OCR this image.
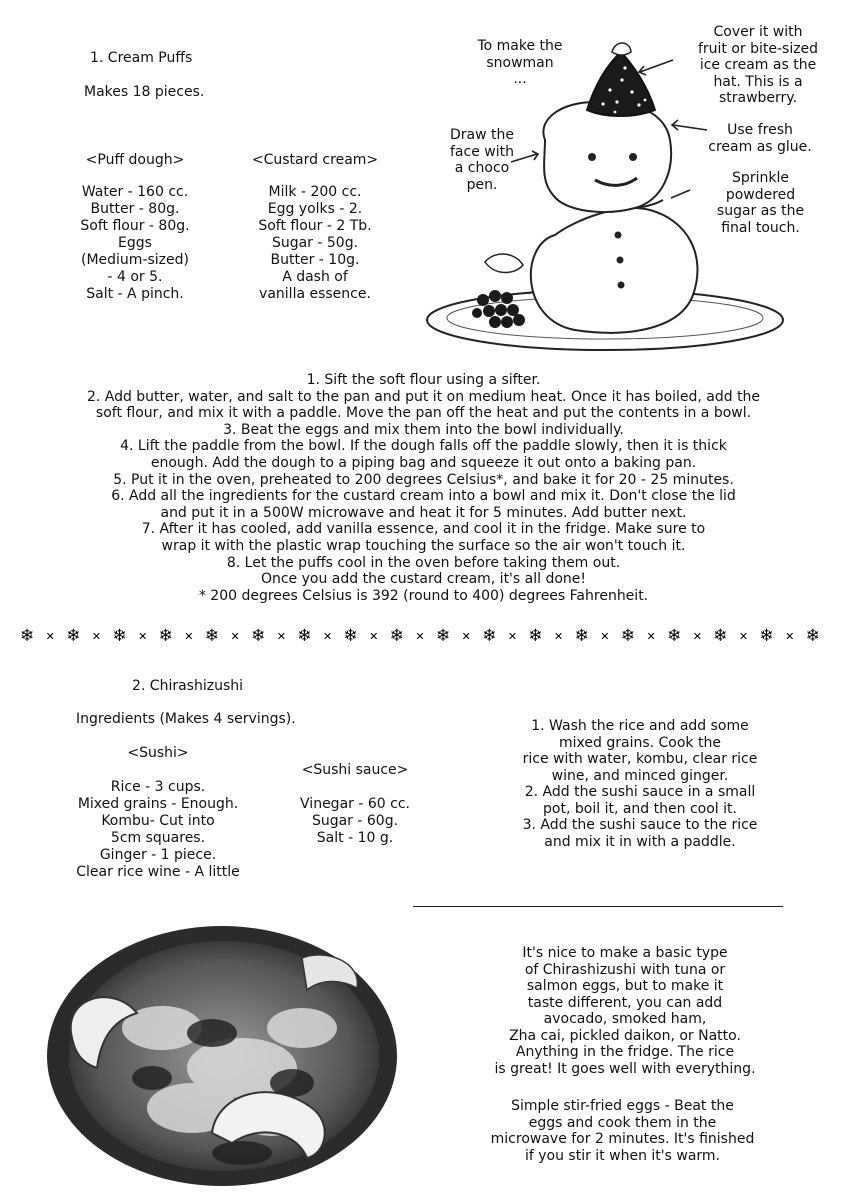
1. Cream Puffs
Makes 18 pieces.
<Puff dough>
Water - 160 cc.
Butter - 80g.
Soft flour - 80g.
Eggs
(Medium-sized)
- 4 or 5.
Salt - A pinch.
<Custard cream>
Milk - 200 cc.
Egg yolks - 2.
Soft flour - 2 Tb.
Sugar - 50g.
Butter - 10g.
A dash of
vanilla essence.
To make the
snowman
...
Cover it with
fruit or bite-sized
ice cream as the
hat. This is a
strawberry.
Use fresh
cream as glue.
Draw the
face with
a choco
pen.	Sprinkle
powdered
sugar as the
final touch.
1. Sift the soft flour using a sifter.
2. Add butter, water, and salt to the pan and put it on medium heat. Once it has boiled, add the
soft flour, and mix it with a paddle. Move the pan off the heat and put the contents in a bowl.
3. Beat the eggs and mix them into the bowl individually.
4. Lift the paddle from the bowl. If the dough falls off the paddle slowly, then it is thick
enough. Add the dough to a piping bag and squeeze it out onto a baking pan.
5. Put it in the oven, preheated to 200 degrees Celsius*, and bake it for 20 - 25 minutes.
6. Add all the ingredients for the custard cream into a bowl and mix it. Don't close the lid
and put it in a 500W microwave and heat it for 5 minutes. Add butter next.
7. After it has cooled, add vanilla essence, and cool it in the fridge. Make sure to
wrap it with the plastic wrap touching the surface so the air won't touch it.
8. Let the puffs cool in the oven before taking them out.
Once you add the custard cream, it's all done!
* 200 degrees Celsius is 392 (round to 400) degrees Fahrenheit.
❄ ✕ ❄ ✕ ❄ ✕ ❄ ✕ ❄ ✕ ❄ ✕ ❄ ✕ ❄ ✕ ❄ ✕ ❄ ✕ ❄ ✕ ❄ ✕ ❄ ✕ ❄ ✕ ❄ ✕ ❄ ✕ ❄ ✕ ❄
2. Chirashizushi
Ingredients (Makes 4 servings).
<Sushi>
Rice - 3 cups.
Mixed grains - Enough.
Kombu- Cut into
5cm squares.
Ginger - 1 piece.
Clear rice wine - A little
<Sushi sauce>
Vinegar - 60 cc.
Sugar - 60g.
Salt - 10 g.
1. Wash the rice and add some
mixed grains. Cook the
rice with water, kombu, clear rice
wine, and minced ginger.
2. Add the sushi sauce in a small
pot, boil it, and then cool it.
3. Add the sushi sauce to the rice
and mix it in with a paddle.
It's nice to make a basic type
of Chirashizushi with tuna or
salmon eggs, but to make it
taste different, you can add
avocado, smoked ham,
Zha cai, pickled daikon, or Natto.
Anything in the fridge. The rice
is great! It goes well with everything.
Simple stir-fried eggs - Beat the
eggs and cook them in the
microwave for 2 minutes. It's finished
if you stir it when it's warm.
